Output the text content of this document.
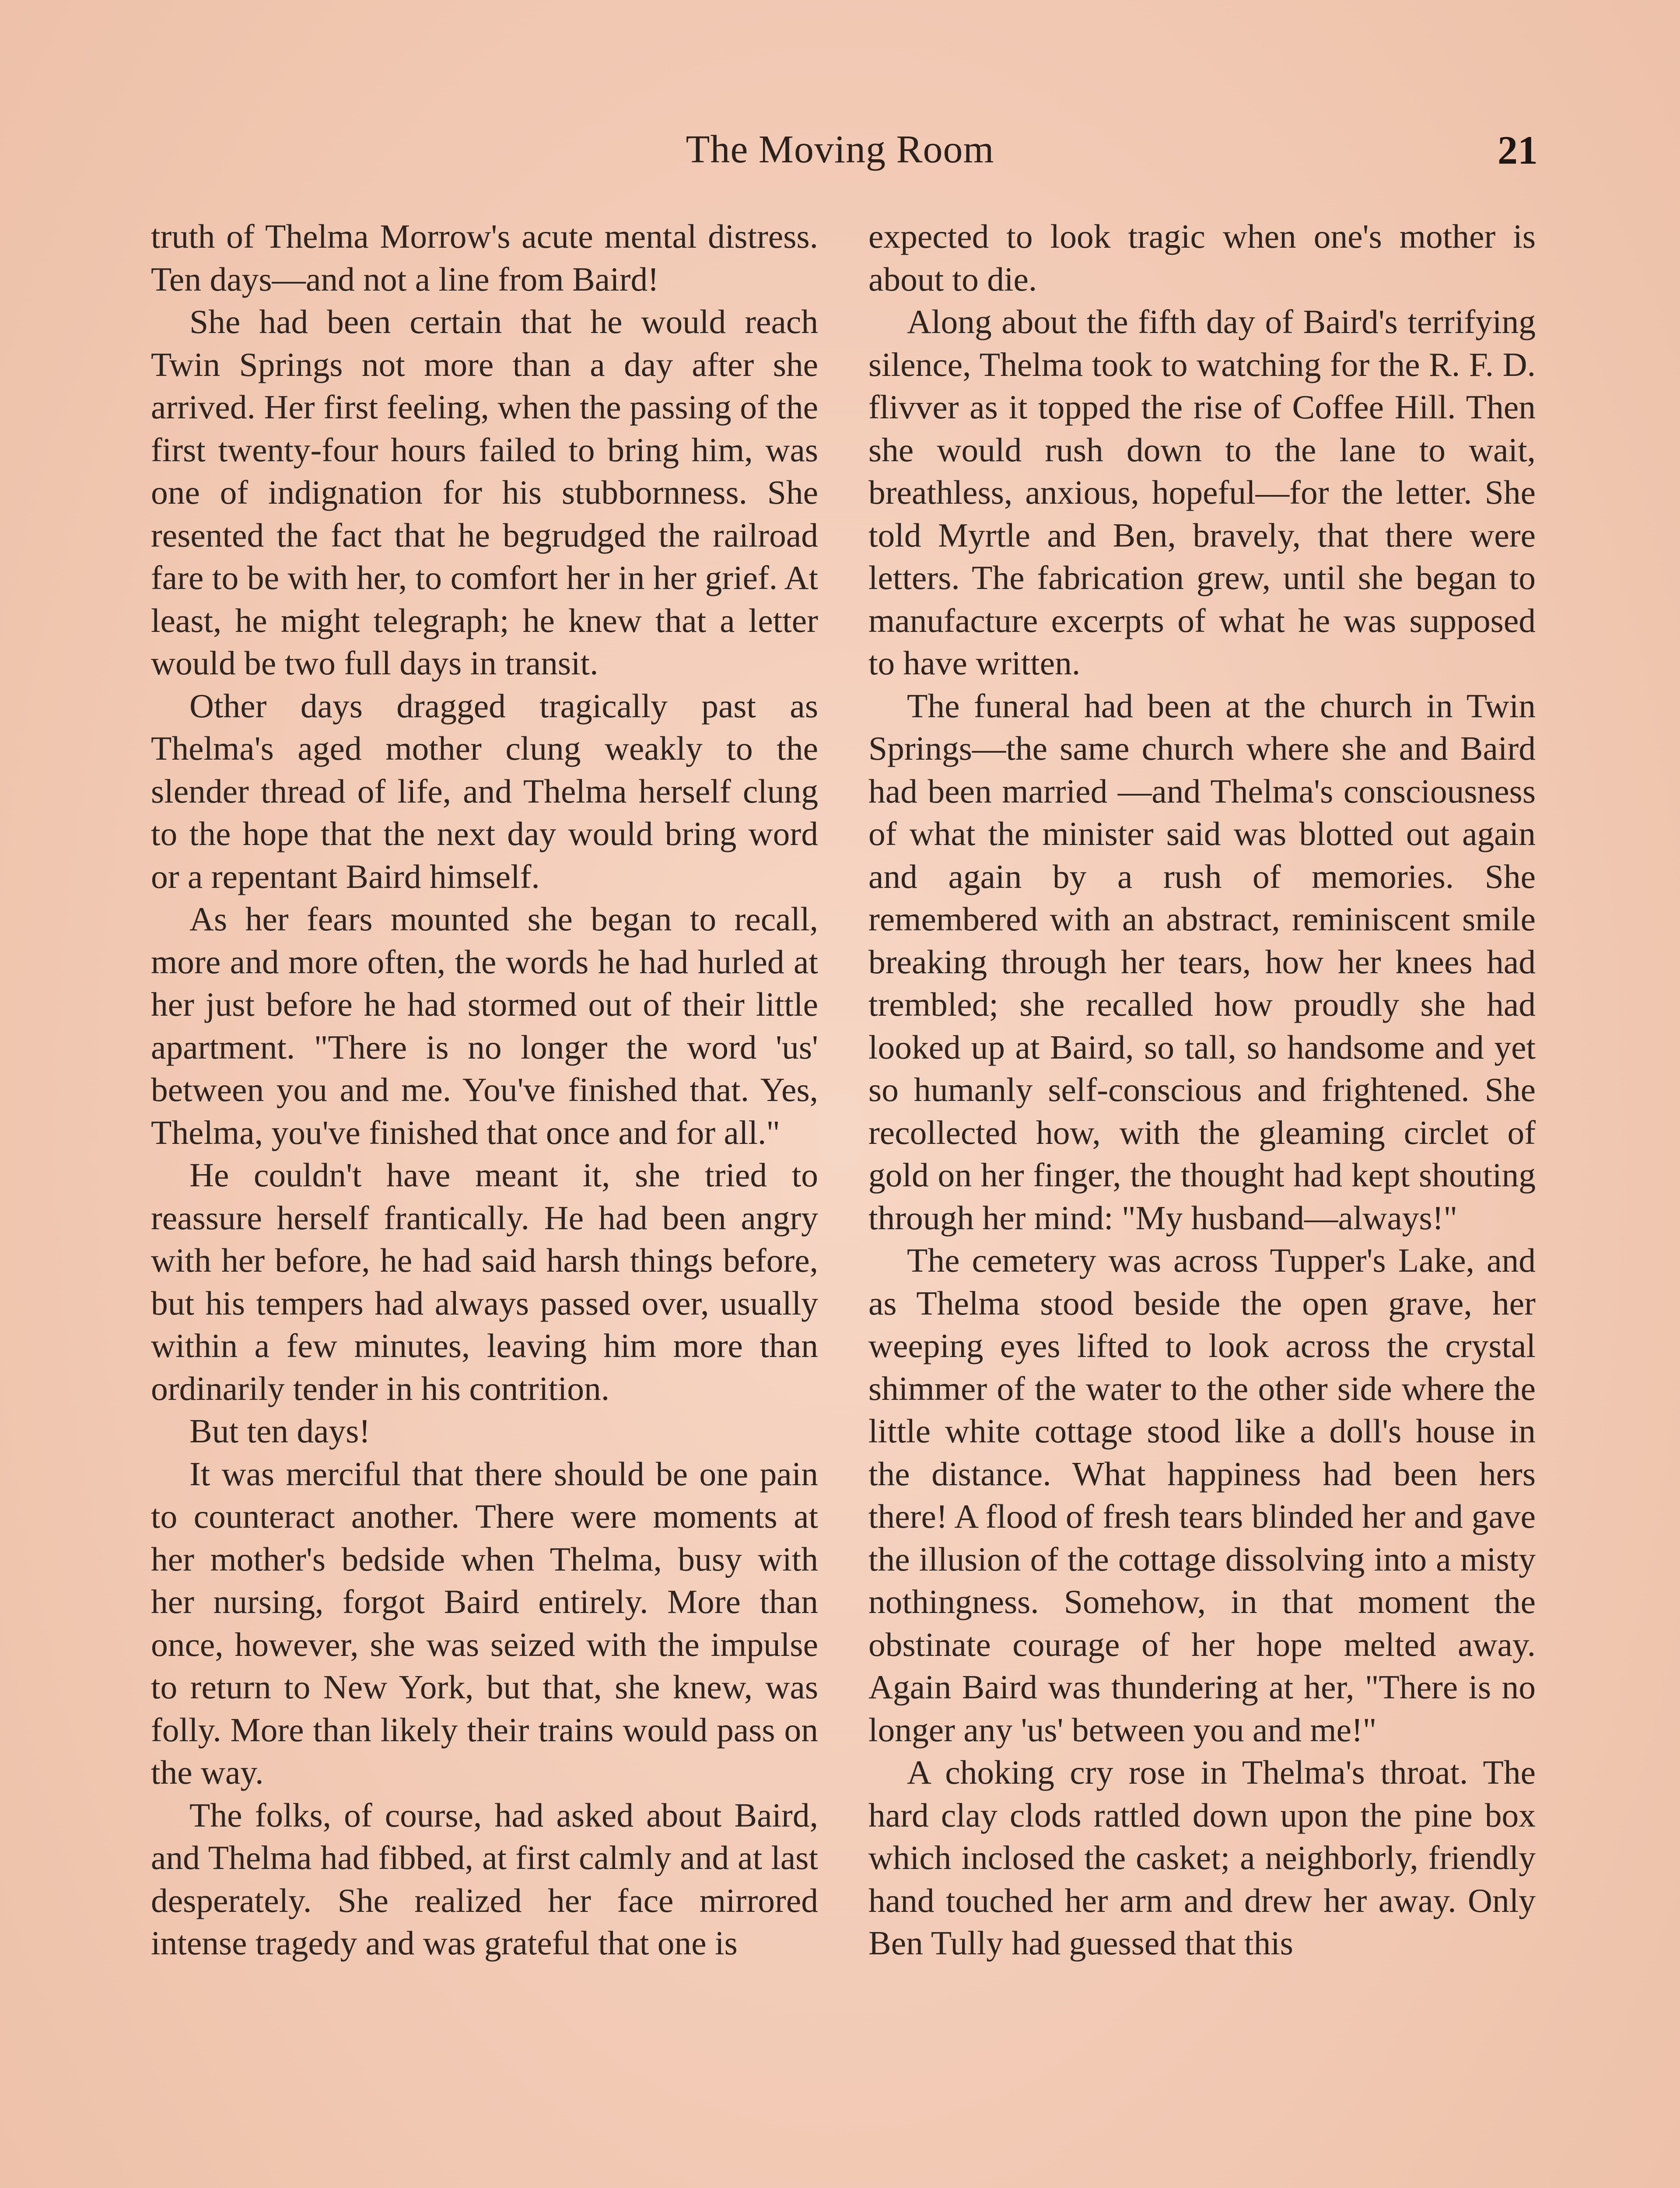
The Moving Room	21

truth of Thelma Morrow's acute mental distress. Ten days—and not a line from Baird!

She had been certain that he would reach Twin Springs not more than a day after she arrived. Her first feeling, when the passing of the first twenty-four hours failed to bring him, was one of indignation for his stubbornness. She resented the fact that he begrudged the railroad fare to be with her, to comfort her in her grief. At least, he might telegraph; he knew that a letter would be two full days in transit.

Other days dragged tragically past as Thelma's aged mother clung weakly to the slender thread of life, and Thelma herself clung to the hope that the next day would bring word or a repentant Baird himself.

As her fears mounted she began to recall, more and more often, the words he had hurled at her just before he had stormed out of their little apartment. "There is no longer the word 'us' between you and me. You've finished that. Yes, Thelma, you've finished that once and for all."

He couldn't have meant it, she tried to reassure herself frantically. He had been angry with her before, he had said harsh things before, but his tempers had always passed over, usually within a few minutes, leaving him more than ordinarily tender in his contrition.

But ten days!

It was merciful that there should be one pain to counteract another. There were moments at her mother's bedside when Thelma, busy with her nursing, forgot Baird entirely. More than once, however, she was seized with the impulse to return to New York, but that, she knew, was folly. More than likely their trains would pass on the way.

The folks, of course, had asked about Baird, and Thelma had fibbed, at first calmly and at last desperately. She realized her face mirrored intense tragedy and was grateful that one is

expected to look tragic when one's mother is about to die.

Along about the fifth day of Baird's terrifying silence, Thelma took to watching for the R. F. D. flivver as it topped the rise of Coffee Hill. Then she would rush down to the lane to wait, breathless, anxious, hopeful—for the letter. She told Myrtle and Ben, bravely, that there were letters. The fabrication grew, until she began to manufacture excerpts of what he was supposed to have written.

The funeral had been at the church in Twin Springs—the same church where she and Baird had been married —and Thelma's consciousness of what the minister said was blotted out again and again by a rush of memories. She remembered with an abstract, reminiscent smile breaking through her tears, how her knees had trembled; she recalled how proudly she had looked up at Baird, so tall, so handsome and yet so humanly self-conscious and frightened. She recollected how, with the gleaming circlet of gold on her finger, the thought had kept shouting through her mind: "My husband—always!"

The cemetery was across Tupper's Lake, and as Thelma stood beside the open grave, her weeping eyes lifted to look across the crystal shimmer of the water to the other side where the little white cottage stood like a doll's house in the distance. What happiness had been hers there! A flood of fresh tears blinded her and gave the illusion of the cottage dissolving into a misty nothingness. Somehow, in that moment the obstinate courage of her hope melted away. Again Baird was thundering at her, "There is no longer any 'us' between you and me!"

A choking cry rose in Thelma's throat. The hard clay clods rattled down upon the pine box which inclosed the casket; a neighborly, friendly hand touched her arm and drew her away. Only Ben Tully had guessed that this
